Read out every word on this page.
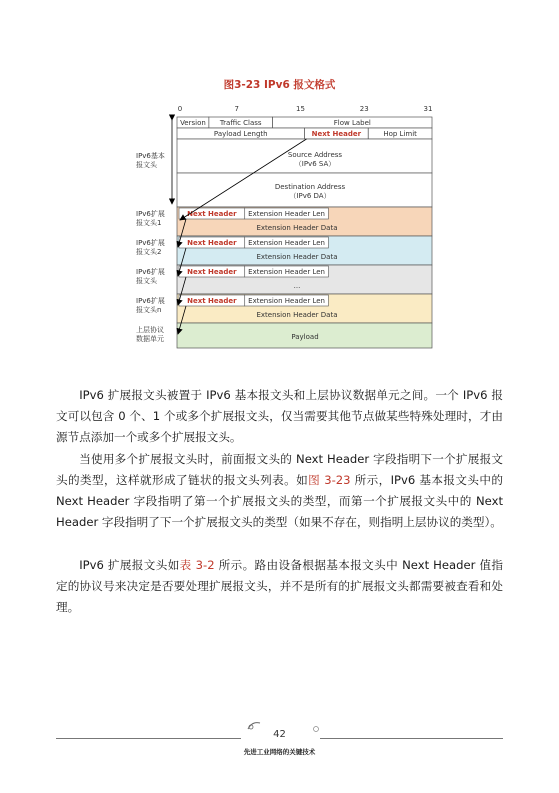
图3-23 IPv6 报文格式
0	7	15	23	31
Version Traffic Class	Flow Label
Payload Length	Next Header	Hop Limit
Source Address
（IPv6 SA）
Destination Address
（IPv6 DA）
Next Header Extension Header Len
Extension Header Data
Next Header Extension Header Len
Extension Header Data
Next Header Extension Header Len
...
Next Header Extension Header Len
Extension Header Data
Payload
IPv6基本
报文头
IPv6扩展
报文头1
IPv6扩展
报文头2
IPv6扩展
报文头
IPv6扩展
报文头n
上层协议
数据单元

IPv6 扩展报文头被置于 IPv6 基本报文头和上层协议数据单元之间。一个 IPv6 报文可以包含 0 个、1 个或多个扩展报文头，仅当需要其他节点做某些特殊处理时，才由源节点添加一个或多个扩展报文头。

当使用多个扩展报文头时，前面报文头的 Next Header 字段指明下一个扩展报文头的类型，这样就形成了链状的报文头列表。如图 3-23 所示，IPv6 基本报文头中的 Next Header 字段指明了第一个扩展报文头的类型，而第一个扩展报文头中的 Next Header 字段指明了下一个扩展报文头的类型（如果不存在，则指明上层协议的类型）。

IPv6 扩展报文头如表 3-2 所示。路由设备根据基本报文头中 Next Header 值指定的协议号来决定是否要处理扩展报文头，并不是所有的扩展报文头都需要被查看和处理。

42
先进工业网络的关键技术
